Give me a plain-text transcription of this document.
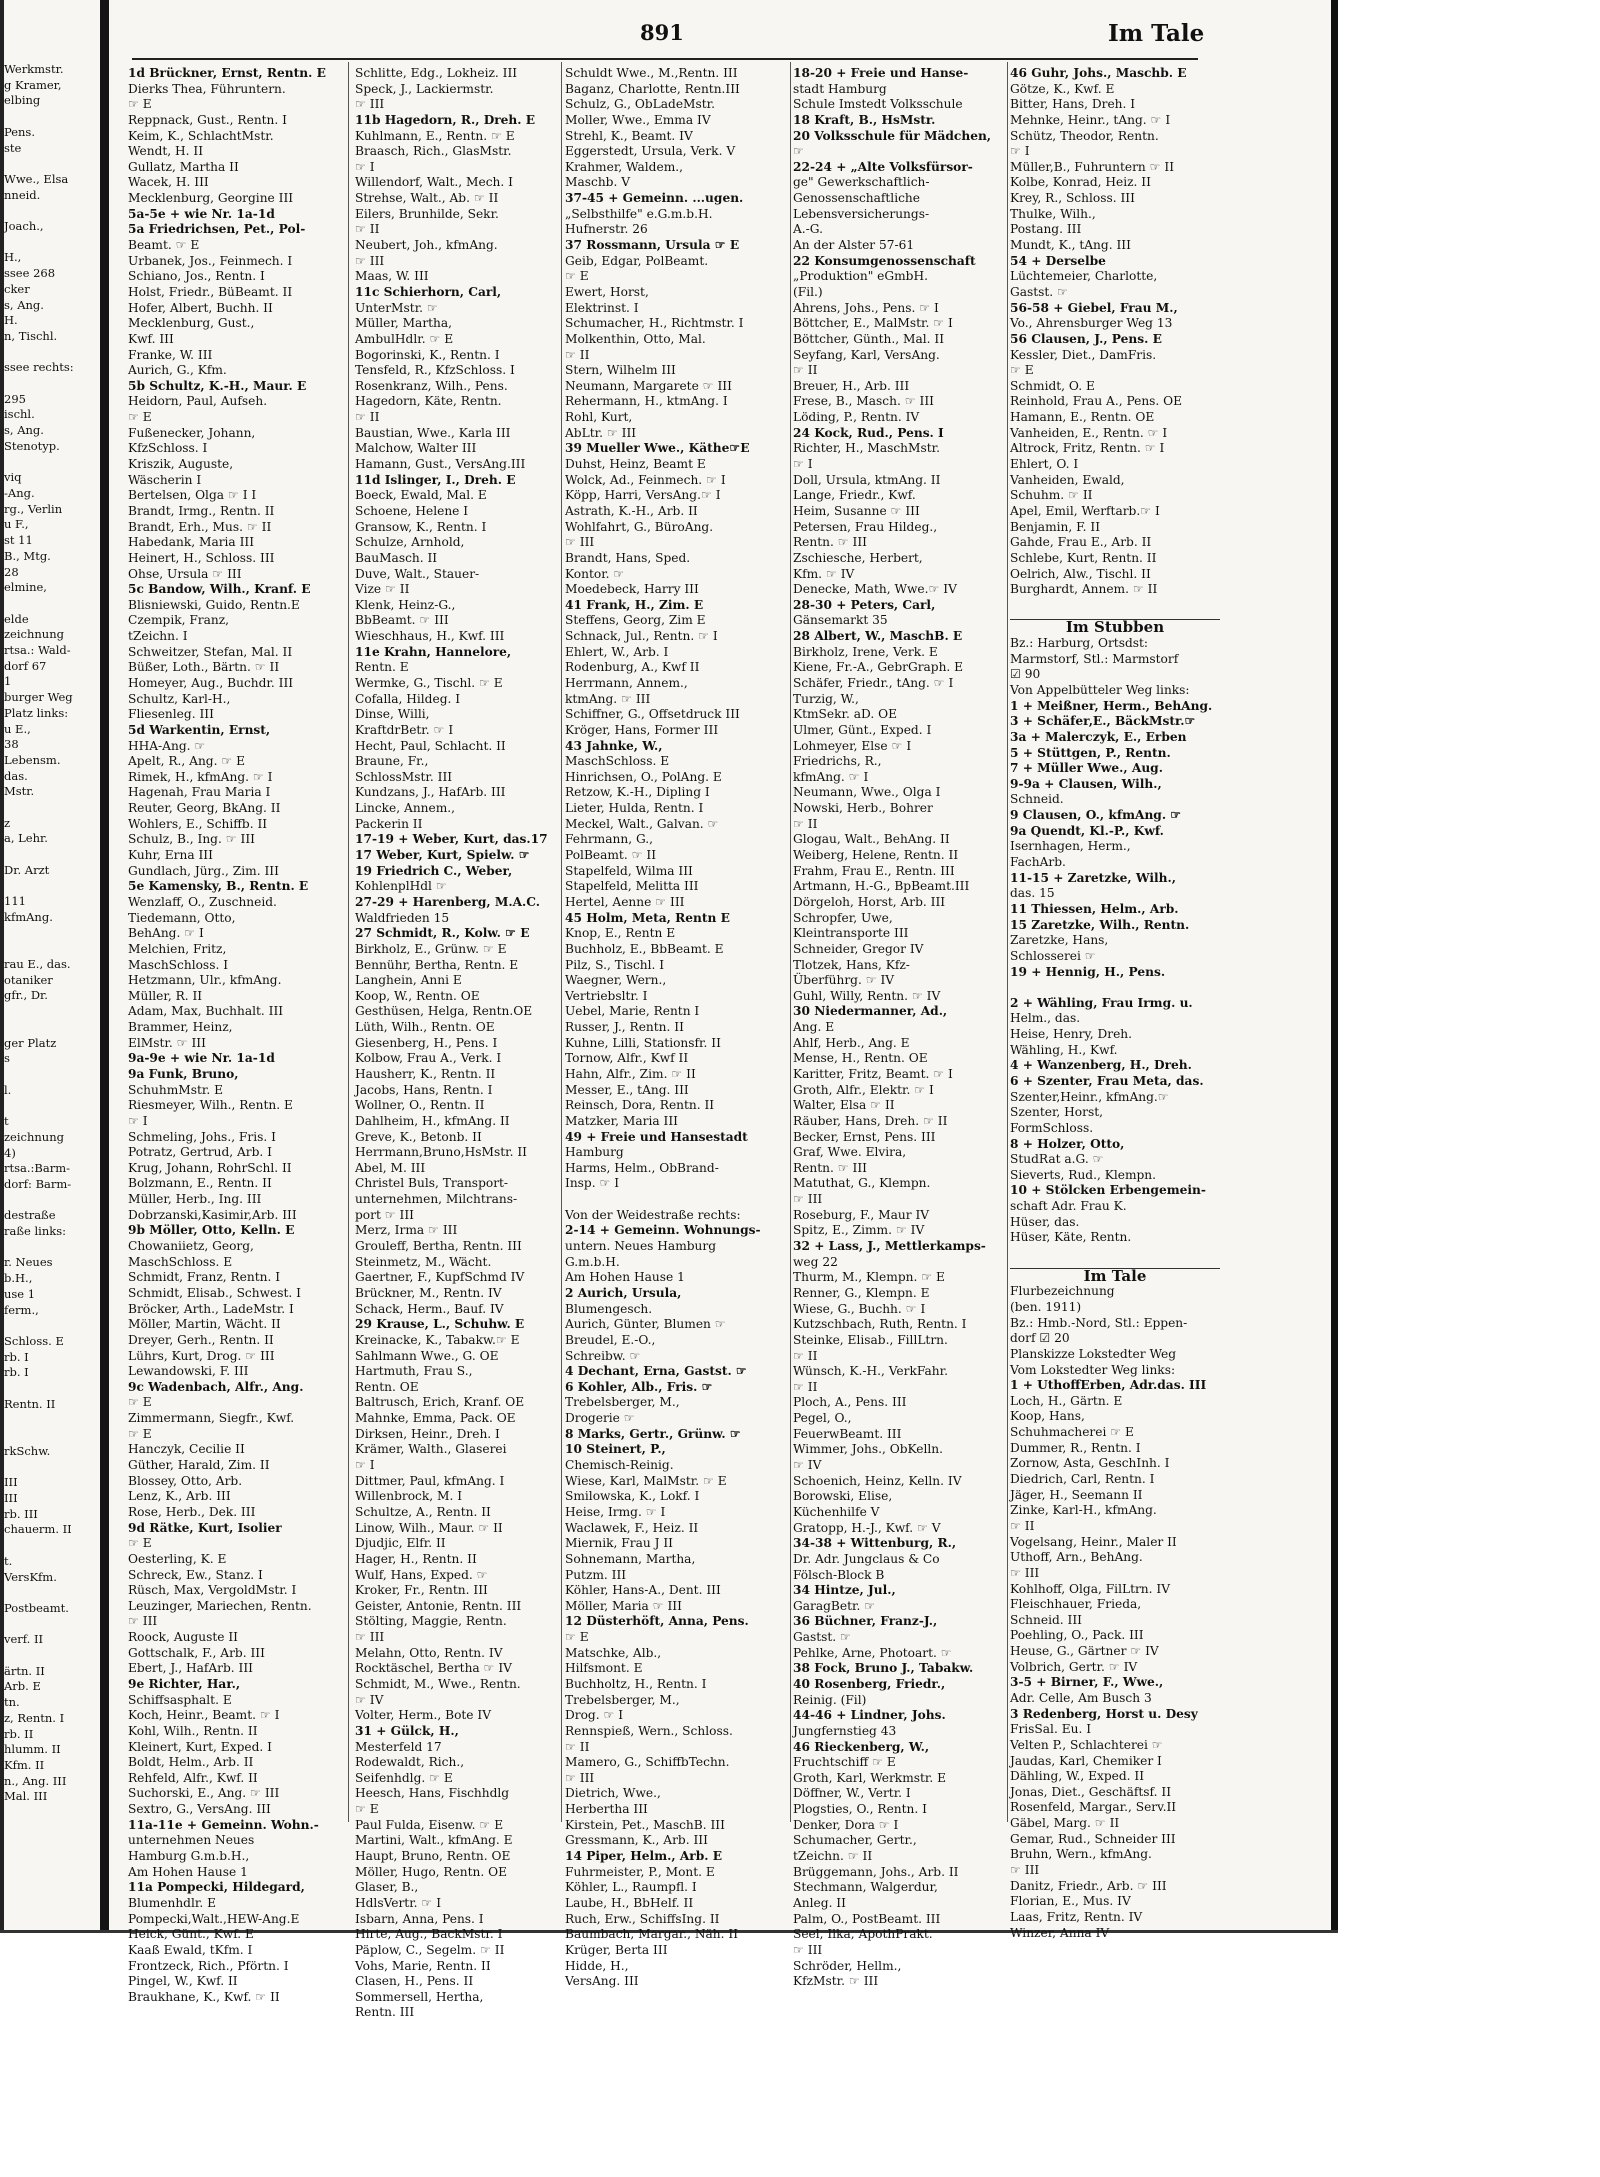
891	Im Tale
Werkmstr.
g Kramer,
elbing

Pens.
ste

Wwe., Elsa
nneid.

Joach.,

H.,
ssee 268
cker
s, Ang.
H.
n, Tischl.

ssee rechts:

295
ischl.
s, Ang.
Stenotyp.

viq
-Ang.
rg., Verlin
u F.,
st 11
B., Mtg.
28
elmine,

elde
zeichnung
rtsa.: Wald-
dorf 67
1
burger Weg
Platz links:
u E.,
38
Lebensm.
das.
Mstr.

z
a, Lehr.

Dr. Arzt

111
kfmAng.

rau E., das.
otaniker
gfr., Dr.

ger Platz
s

l.

t
zeichnung
4)
rtsa.:Barm-
dorf: Barm-

destraße
raße links:

r. Neues
b.H.,
use 1
ferm.,

Schloss. E
rb. I
rb. I

Rentn. II

rkSchw.

III
III
rb. III
chauerm. II

t.
VersKfm.

Postbeamt.

verf. II

ärtn. II
Arb. E
tn.
z, Rentn. I
rb. II
hlumm. II
Kfm. II
n., Ang. III
Mal. III
1d Brückner, Ernst, Rentn. E
Dierks Thea, Führuntern.
☞ E
Reppnack, Gust., Rentn. I
Keim, K., SchlachtMstr.
Wendt, H. II
Gullatz, Martha II
Wacek, H. III
Mecklenburg, Georgine III
5a-5e + wie Nr. 1a-1d
5a Friedrichsen, Pet., Pol-
Beamt. ☞ E
Urbanek, Jos., Feinmech. I
Schiano, Jos., Rentn. I
Holst, Friedr., BüBeamt. II
Hofer, Albert, Buchh. II
Mecklenburg, Gust.,
Kwf. III
Franke, W. III
Aurich, G., Kfm.
5b Schultz, K.-H., Maur. E
Heidorn, Paul, Aufseh.
☞ E
Fußenecker, Johann,
KfzSchloss. I
Kriszik, Auguste,
Wäscherin I
Bertelsen, Olga ☞ I I
Brandt, Irmg., Rentn. II
Brandt, Erh., Mus. ☞ II
Habedank, Maria III
Heinert, H., Schloss. III
Ohse, Ursula ☞ III
5c Bandow, Wilh., Kranf. E
Blisniewski, Guido, Rentn.E
Czempik, Franz,
tZeichn. I
Schweitzer, Stefan, Mal. II
Büßer, Loth., Bärtn. ☞ II
Homeyer, Aug., Buchdr. III
Schultz, Karl-H.,
Fliesenleg. III
5d Warkentin, Ernst,
HHA-Ang. ☞
Apelt, R., Ang. ☞ E
Rimek, H., kfmAng. ☞ I
Hagenah, Frau Maria I
Reuter, Georg, BkAng. II
Wohlers, E., Schiffb. II
Schulz, B., Ing. ☞ III
Kuhr, Erna III
Gundlach, Jürg., Zim. III
5e Kamensky, B., Rentn. E
Wenzlaff, O., Zuschneid.
Tiedemann, Otto,
BehAng. ☞ I
Melchien, Fritz,
MaschSchloss. I
Hetzmann, Ulr., kfmAng.
Müller, R. II
Adam, Max, Buchhalt. III
Brammer, Heinz,
ElMstr. ☞ III
9a-9e + wie Nr. 1a-1d
9a Funk, Bruno,
SchuhmMstr. E
Riesmeyer, Wilh., Rentn. E
☞ I
Schmeling, Johs., Fris. I
Potratz, Gertrud, Arb. I
Krug, Johann, RohrSchl. II
Bolzmann, E., Rentn. II
Müller, Herb., Ing. III
Dobrzanski,Kasimir,Arb. III
9b Möller, Otto, Kelln. E
Chowaniietz, Georg,
MaschSchloss. E
Schmidt, Franz, Rentn. I
Schmidt, Elisab., Schwest. I
Bröcker, Arth., LadeMstr. I
Möller, Martin, Wächt. II
Dreyer, Gerh., Rentn. II
Lührs, Kurt, Drog. ☞ III
Lewandowski, F. III
9c Wadenbach, Alfr., Ang.
☞ E
Zimmermann, Siegfr., Kwf.
☞ E
Hanczyk, Cecilie II
Güther, Harald, Zim. II
Blossey, Otto, Arb.
Lenz, K., Arb. III
Rose, Herb., Dek. III
9d Rätke, Kurt, Isolier
☞ E
Oesterling, K. E
Schreck, Ew., Stanz. I
Rüsch, Max, VergoldMstr. I
Leuzinger, Mariechen, Rentn.
☞ III
Roock, Auguste II
Gottschalk, F., Arb. III
Ebert, J., HafArb. III
9e Richter, Har.,
Schiffsasphalt. E
Koch, Heinr., Beamt. ☞ I
Kohl, Wilh., Rentn. II
Kleinert, Kurt, Exped. I
Boldt, Helm., Arb. II
Rehfeld, Alfr., Kwf. II
Suchorski, E., Ang. ☞ III
Sextro, G., VersAng. III
11a-11e + Gemeinn. Wohn.-
unternehmen Neues
Hamburg G.m.b.H.,
Am Hohen Hause 1
11a Pompecki, Hildegard,
Blumenhdlr. E
Pompecki,Walt.,HEW-Ang.E
Heick, Günt., Kwf. E
Kaaß Ewald, tKfm. I
Frontzeck, Rich., Pförtn. I
Pingel, W., Kwf. II
Braukhane, K., Kwf. ☞ II
Schlitte, Edg., Lokheiz. III
Speck, J., Lackiermstr.
☞ III
11b Hagedorn, R., Dreh. E
Kuhlmann, E., Rentn. ☞ E
Braasch, Rich., GlasMstr.
☞ I
Willendorf, Walt., Mech. I
Strehse, Walt., Ab. ☞ II
Eilers, Brunhilde, Sekr.
☞ II
Neubert, Joh., kfmAng.
☞ III
Maas, W. III
11c Schierhorn, Carl,
UnterMstr. ☞
Müller, Martha,
AmbulHdlr. ☞ E
Bogorinski, K., Rentn. I
Tensfeld, R., KfzSchloss. I
Rosenkranz, Wilh., Pens.
Hagedorn, Käte, Rentn.
☞ II
Baustian, Wwe., Karla III
Malchow, Walter III
Hamann, Gust., VersAng.III
11d Islinger, I., Dreh. E
Boeck, Ewald, Mal. E
Schoene, Helene I
Gransow, K., Rentn. I
Schulze, Arnhold,
BauMasch. II
Duve, Walt., Stauer-
Vize ☞ II
Klenk, Heinz-G.,
BbBeamt. ☞ III
Wieschhaus, H., Kwf. III
11e Krahn, Hannelore,
Rentn. E
Wermke, G., Tischl. ☞ E
Cofalla, Hildeg. I
Dinse, Willi,
KraftdrBetr. ☞ I
Hecht, Paul, Schlacht. II
Braune, Fr.,
SchlossMstr. III
Kundzans, J., HafArb. III
Lincke, Annem.,
Packerin II
17-19 + Weber, Kurt, das.17
17 Weber, Kurt, Spielw. ☞
19 Friedrich C., Weber,
KohlenplHdl ☞
27-29 + Harenberg, M.A.C.
Waldfrieden 15
27 Schmidt, R., Kolw. ☞ E
Birkholz, E., Grünw. ☞ E
Bennühr, Bertha, Rentn. E
Langhein, Anni E
Koop, W., Rentn. OE
Gesthüsen, Helga, Rentn.OE
Lüth, Wilh., Rentn. OE
Giesenberg, H., Pens. I
Kolbow, Frau A., Verk. I
Hausherr, K., Rentn. II
Jacobs, Hans, Rentn. I
Wollner, O., Rentn. II
Dahlheim, H., kfmAng. II
Greve, K., Betonb. II
Herrmann,Bruno,HsMstr. II
Abel, M. III
Christel Buls, Transport-
unternehmen, Milchtrans-
port ☞ III
Merz, Irma ☞ III
Grouleff, Bertha, Rentn. III
Steinmetz, M., Wächt.
Gaertner, F., KupfSchmd IV
Brückner, M., Rentn. IV
Schack, Herm., Bauf. IV
29 Krause, L., Schuhw. E
Kreinacke, K., Tabakw.☞ E
Sahlmann Wwe., G. OE
Hartmuth, Frau S.,
Rentn. OE
Baltrusch, Erich, Kranf. OE
Mahnke, Emma, Pack. OE
Dirksen, Heinr., Dreh. I
Krämer, Walth., Glaserei
☞ I
Dittmer, Paul, kfmAng. I
Willenbrock, M. I
Schultze, A., Rentn. II
Linow, Wilh., Maur. ☞ II
Djudjic, Elfr. II
Hager, H., Rentn. II
Wulf, Hans, Exped. ☞
Kroker, Fr., Rentn. III
Geister, Antonie, Rentn. III
Stölting, Maggie, Rentn.
☞ III
Melahn, Otto, Rentn. IV
Rocktäschel, Bertha ☞ IV
Schmidt, M., Wwe., Rentn.
☞ IV
Volter, Herm., Bote IV
31 + Gülck, H.,
Mesterfeld 17
Rodewaldt, Rich.,
Seifenhdlg. ☞ E
Heesch, Hans, Fischhdlg
☞ E
Paul Fulda, Eisenw. ☞ E
Martini, Walt., kfmAng. E
Haupt, Bruno, Rentn. OE
Möller, Hugo, Rentn. OE
Glaser, B.,
HdlsVertr. ☞ I
Isbarn, Anna, Pens. I
Hirte, Aug., BackMstr. I
Päplow, C., Segelm. ☞ II
Vohs, Marie, Rentn. II
Clasen, H., Pens. II
Sommersell, Hertha,
Rentn. III
Schuldt Wwe., M.,Rentn. III
Baganz, Charlotte, Rentn.III
Schulz, G., ObLadeMstr.
Moller, Wwe., Emma IV
Strehl, K., Beamt. IV
Eggerstedt, Ursula, Verk. V
Krahmer, Waldem.,
Maschb. V
37-45 + Gemeinn. ...ugen.
„Selbsthilfe" e.G.m.b.H.
Hufnerstr. 26
37 Rossmann, Ursula ☞ E
Geib, Edgar, PolBeamt.
☞ E
Ewert, Horst,
Elektrinst. I
Schumacher, H., Richtmstr. I
Molkenthin, Otto, Mal.
☞ II
Stern, Wilhelm III
Neumann, Margarete ☞ III
Rehermann, H., ktmAng. I
Rohl, Kurt,
AbLtr. ☞ III
39 Mueller Wwe., Käthe☞E
Duhst, Heinz, Beamt E
Wolck, Ad., Feinmech. ☞ I
Köpp, Harri, VersAng.☞ I
Astrath, K.-H., Arb. II
Wohlfahrt, G., BüroAng.
☞ III
Brandt, Hans, Sped.
Kontor. ☞
Moedebeck, Harry III
41 Frank, H., Zim. E
Steffens, Georg, Zim E
Schnack, Jul., Rentn. ☞ I
Ehlert, W., Arb. I
Rodenburg, A., Kwf II
Herrmann, Annem.,
ktmAng. ☞ III
Schiffner, G., Offsetdruck III
Kröger, Hans, Former III
43 Jahnke, W.,
MaschSchloss. E
Hinrichsen, O., PolAng. E
Retzow, K.-H., Dipling I
Lieter, Hulda, Rentn. I
Meckel, Walt., Galvan. ☞
Fehrmann, G.,
PolBeamt. ☞ II
Stapelfeld, Wilma III
Stapelfeld, Melitta III
Hertel, Aenne ☞ III
45 Holm, Meta, Rentn E
Knop, E., Rentn E
Buchholz, E., BbBeamt. E
Pilz, S., Tischl. I
Waegner, Wern.,
Vertriebsltr. I
Uebel, Marie, Rentn I
Russer, J., Rentn. II
Kuhne, Lilli, Stationsfr. II
Tornow, Alfr., Kwf II
Hahn, Alfr., Zim. ☞ II
Messer, E., tAng. III
Reinsch, Dora, Rentn. II
Matzker, Maria III
49 + Freie und Hansestadt
Hamburg
Harms, Helm., ObBrand-
Insp. ☞ I

Von der Weidestraße rechts:
2-14 + Gemeinn. Wohnungs-
untern. Neues Hamburg
G.m.b.H.
Am Hohen Hause 1
2 Aurich, Ursula,
Blumengesch.
Aurich, Günter, Blumen ☞
Breudel, E.-O.,
Schreibw. ☞
4 Dechant, Erna, Gastst. ☞
6 Kohler, Alb., Fris. ☞
Trebelsberger, M.,
Drogerie ☞
8 Marks, Gertr., Grünw. ☞
10 Steinert, P.,
Chemisch-Reinig.
Wiese, Karl, MalMstr. ☞ E
Smilowska, K., Lokf. I
Heise, Irmg. ☞ I
Waclawek, F., Heiz. II
Miernik, Frau J II
Sohnemann, Martha,
Putzm. III
Köhler, Hans-A., Dent. III
Möller, Maria ☞ III
12 Düsterhöft, Anna, Pens.
☞ E
Matschke, Alb.,
Hilfsmont. E
Buchholtz, H., Rentn. I
Trebelsberger, M.,
Drog. ☞ I
Rennspieß, Wern., Schloss.
☞ II
Mamero, G., SchiffbTechn.
☞ III
Dietrich, Wwe.,
Herbertha III
Kirstein, Pet., MaschB. III
Gressmann, K., Arb. III
14 Piper, Helm., Arb. E
Fuhrmeister, P., Mont. E
Köhler, L., Raumpfl. I
Laube, H., BbHelf. II
Ruch, Erw., SchiffsIng. II
Baumbach, Margar., Näh. II
Krüger, Berta III
Hidde, H.,
VersAng. III
18-20 + Freie und Hanse-
stadt Hamburg
Schule Imstedt Volksschule
18 Kraft, B., HsMstr.
20 Volksschule für Mädchen,
☞
22-24 + „Alte Volksfürsor-
ge" Gewerkschaftlich-
Genossenschaftliche
Lebensversicherungs-
A.-G.
An der Alster 57-61
22 Konsumgenossenschaft
„Produktion" eGmbH.
(Fil.)
Ahrens, Johs., Pens. ☞ I
Böttcher, E., MalMstr. ☞ I
Böttcher, Günth., Mal. II
Seyfang, Karl, VersAng.
☞ II
Breuer, H., Arb. III
Frese, B., Masch. ☞ III
Löding, P., Rentn. IV
24 Kock, Rud., Pens. I
Richter, H., MaschMstr.
☞ I
Doll, Ursula, ktmAng. II
Lange, Friedr., Kwf.
Heim, Susanne ☞ III
Petersen, Frau Hildeg.,
Rentn. ☞ III
Zschiesche, Herbert,
Kfm. ☞ IV
Denecke, Math, Wwe.☞ IV
28-30 + Peters, Carl,
Gänsemarkt 35
28 Albert, W., MaschB. E
Birkholz, Irene, Verk. E
Kiene, Fr.-A., GebrGraph. E
Schäfer, Friedr., tAng. ☞ I
Turzig, W.,
KtmSekr. aD. OE
Ulmer, Günt., Exped. I
Lohmeyer, Else ☞ I
Friedrichs, R.,
kfmAng. ☞ I
Neumann, Wwe., Olga I
Nowski, Herb., Bohrer
☞ II
Glogau, Walt., BehAng. II
Weiberg, Helene, Rentn. II
Frahm, Frau E., Rentn. III
Artmann, H.-G., BpBeamt.III
Dörgeloh, Horst, Arb. III
Schropfer, Uwe,
Kleintransporte III
Schneider, Gregor IV
Tlotzek, Hans, Kfz-
Überführg. ☞ IV
Guhl, Willy, Rentn. ☞ IV
30 Niedermanner, Ad.,
Ang. E
Ahlf, Herb., Ang. E
Mense, H., Rentn. OE
Karitter, Fritz, Beamt. ☞ I
Groth, Alfr., Elektr. ☞ I
Walter, Elsa ☞ II
Räuber, Hans, Dreh. ☞ II
Becker, Ernst, Pens. III
Graf, Wwe. Elvira,
Rentn. ☞ III
Matuthat, G., Klempn.
☞ III
Roseburg, F., Maur IV
Spitz, E., Zimm. ☞ IV
32 + Lass, J., Mettlerkamps-
weg 22
Thurm, M., Klempn. ☞ E
Renner, G., Klempn. E
Wiese, G., Buchh. ☞ I
Kutzschbach, Ruth, Rentn. I
Steinke, Elisab., FillLtrn.
☞ II
Wünsch, K.-H., VerkFahr.
☞ II
Ploch, A., Pens. III
Pegel, O.,
FeuerwBeamt. III
Wimmer, Johs., ObKelln.
☞ IV
Schoenich, Heinz, Kelln. IV
Borowski, Elise,
Küchenhilfe V
Gratopp, H.-J., Kwf. ☞ V
34-38 + Wittenburg, R.,
Dr. Adr. Jungclaus & Co
Fölsch-Block B
34 Hintze, Jul.,
GaragBetr. ☞
36 Büchner, Franz-J.,
Gastst. ☞
Pehlke, Arne, Photoart. ☞
38 Fock, Bruno J., Tabakw.
40 Rosenberg, Friedr.,
Reinig. (Fil)
44-46 + Lindner, Johs.
Jungfernstieg 43
46 Rieckenberg, W.,
Fruchtschiff ☞ E
Groth, Karl, Werkmstr. E
Döffner, W., Vertr. I
Plogsties, O., Rentn. I
Denker, Dora ☞ I
Schumacher, Gertr.,
tZeichn. ☞ II
Brüggemann, Johs., Arb. II
Stechmann, Walgerdur,
Anleg. II
Palm, O., PostBeamt. III
Seel, Ilka, ApothPrakt.
☞ III
Schröder, Hellm.,
KfzMstr. ☞ III
46 Guhr, Johs., Maschb. E
Götze, K., Kwf. E
Bitter, Hans, Dreh. I
Mehnke, Heinr., tAng. ☞ I
Schütz, Theodor, Rentn.
☞ I
Müller,B., Fuhruntern ☞ II
Kolbe, Konrad, Heiz. II
Krey, R., Schloss. III
Thulke, Wilh.,
Postang. III
Mundt, K., tAng. III
54 + Derselbe
Lüchtemeier, Charlotte,
Gastst. ☞
56-58 + Giebel, Frau M.,
Vo., Ahrensburger Weg 13
56 Clausen, J., Pens. E
Kessler, Diet., DamFris.
☞ E
Schmidt, O. E
Reinhold, Frau A., Pens. OE
Hamann, E., Rentn. OE
Vanheiden, E., Rentn. ☞ I
Altrock, Fritz, Rentn. ☞ I
Ehlert, O. I
Vanheiden, Ewald,
Schuhm. ☞ II
Apel, Emil, Werftarb.☞ I
Benjamin, F. II
Gahde, Frau E., Arb. II
Schlebe, Kurt, Rentn. II
Oelrich, Alw., Tischl. II
Burghardt, Annem. ☞ II

Im Stubben
Bz.: Harburg, Ortsdst:
Marmstorf, Stl.: Marmstorf
☑ 90
Von Appelbütteler Weg links:
1 + Meißner, Herm., BehAng.
3 + Schäfer,E., BäckMstr.☞
3a + Malerczyk, E., Erben
5 + Stüttgen, P., Rentn.
7 + Müller Wwe., Aug.
9-9a + Clausen, Wilh.,
Schneid.
9 Clausen, O., kfmAng. ☞
9a Quendt, Kl.-P., Kwf.
Isernhagen, Herm.,
FachArb.
11-15 + Zaretzke, Wilh.,
das. 15
11 Thiessen, Helm., Arb.
15 Zaretzke, Wilh., Rentn.
Zaretzke, Hans,
Schlosserei ☞
19 + Hennig, H., Pens.

2 + Wähling, Frau Irmg. u.
Helm., das.
Heise, Henry, Dreh.
Wähling, H., Kwf.
4 + Wanzenberg, H., Dreh.
6 + Szenter, Frau Meta, das.
Szenter,Heinr., kfmAng.☞
Szenter, Horst,
FormSchloss.
8 + Holzer, Otto,
StudRat a.G. ☞
Sieverts, Rud., Klempn.
10 + Stölcken Erbengemein-
schaft Adr. Frau K.
Hüser, das.
Hüser, Käte, Rentn.

Im Tale
Flurbezeichnung
(ben. 1911)
Bz.: Hmb.-Nord, Stl.: Eppen-
dorf ☑ 20
Planskizze Lokstedter Weg
Vom Lokstedter Weg links:
1 + UthoffErben, Adr.das. III
Loch, H., Gärtn. E
Koop, Hans,
Schuhmacherei ☞ E
Dummer, R., Rentn. I
Zornow, Asta, GeschInh. I
Diedrich, Carl, Rentn. I
Jäger, H., Seemann II
Zinke, Karl-H., kfmAng.
☞ II
Vogelsang, Heinr., Maler II
Uthoff, Arn., BehAng.
☞ III
Kohlhoff, Olga, FilLtrn. IV
Fleischhauer, Frieda,
Schneid. III
Poehling, O., Pack. III
Heuse, G., Gärtner ☞ IV
Volbrich, Gertr. ☞ IV
3-5 + Birner, F., Wwe.,
Adr. Celle, Am Busch 3
3 Redenberg, Horst u. Desy
FrisSal. Eu. I
Velten P., Schlachterei ☞
Jaudas, Karl, Chemiker I
Dähling, W., Exped. II
Jonas, Diet., Geschäftsf. II
Rosenfeld, Margar., Serv.II
Gäbel, Marg. ☞ II
Gemar, Rud., Schneider III
Bruhn, Wern., kfmAng.
☞ III
Danitz, Friedr., Arb. ☞ III
Florian, E., Mus. IV
Laas, Fritz, Rentn. IV
Winzer, Anna IV
